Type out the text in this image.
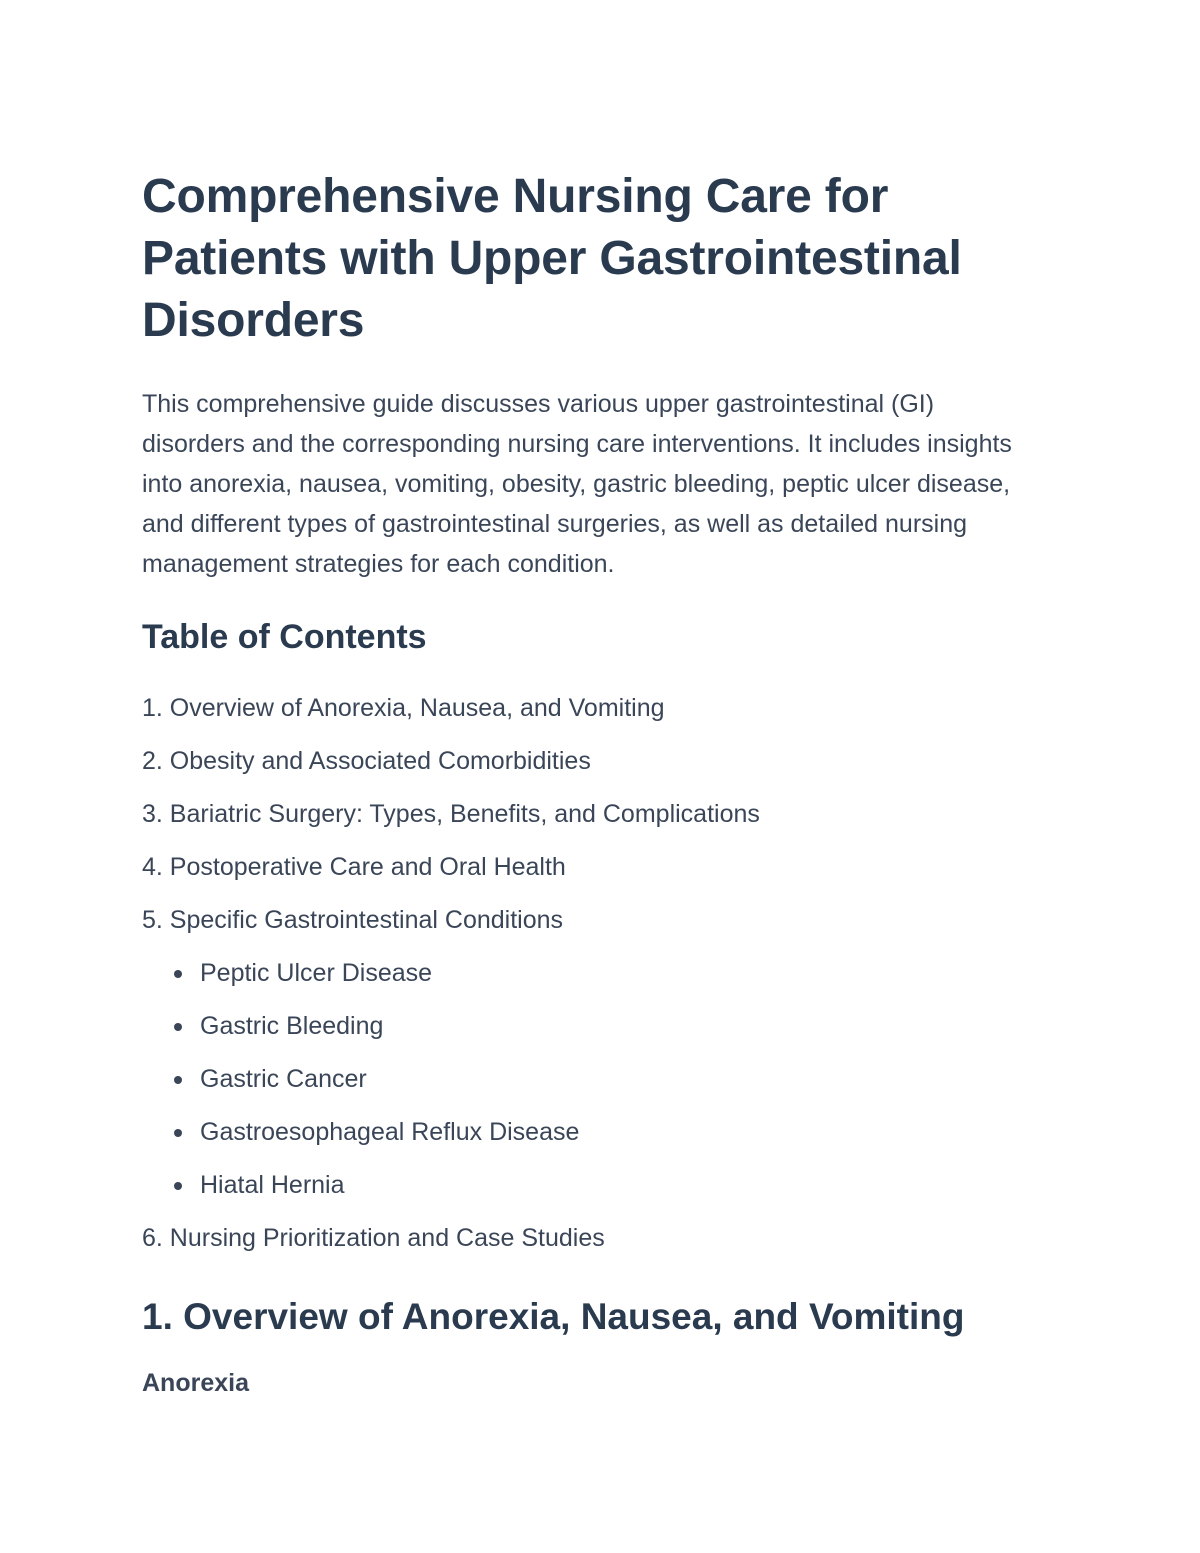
Comprehensive Nursing Care for Patients with Upper Gastrointestinal Disorders

This comprehensive guide discusses various upper gastrointestinal (GI) disorders and the corresponding nursing care interventions. It includes insights into anorexia, nausea, vomiting, obesity, gastric bleeding, peptic ulcer disease, and different types of gastrointestinal surgeries, as well as detailed nursing management strategies for each condition.

Table of Contents
1. Overview of Anorexia, Nausea, and Vomiting
2. Obesity and Associated Comorbidities
3. Bariatric Surgery: Types, Benefits, and Complications
4. Postoperative Care and Oral Health
5. Specific Gastrointestinal Conditions
Peptic Ulcer Disease
Gastric Bleeding
Gastric Cancer
Gastroesophageal Reflux Disease
Hiatal Hernia
6. Nursing Prioritization and Case Studies
1. Overview of Anorexia, Nausea, and Vomiting
Anorexia
